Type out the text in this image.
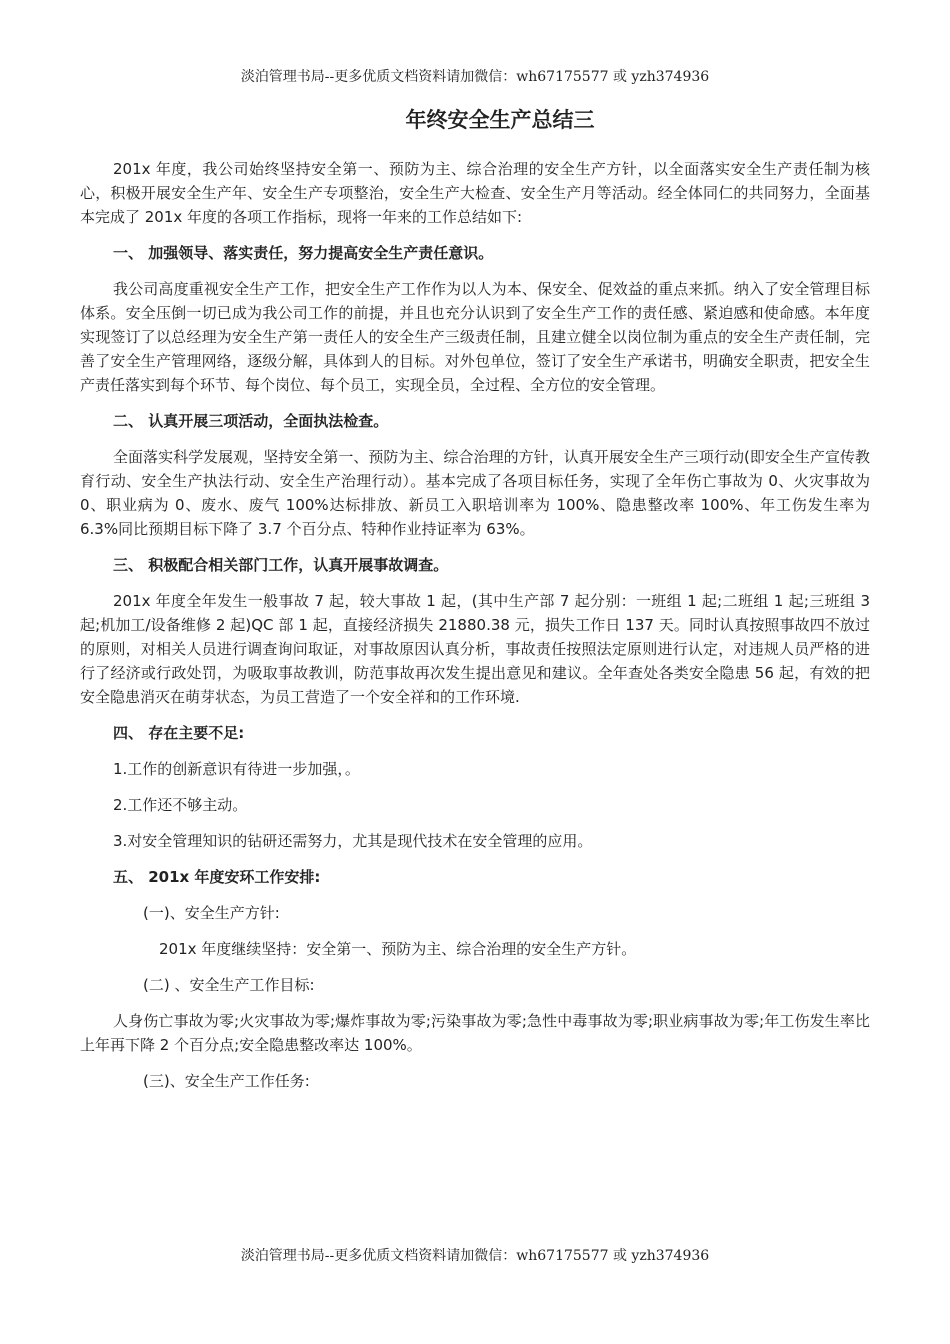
淡泊管理书局--更多优质文档资料请加微信：wh67175577 或 yzh374936
年终安全生产总结三

201x 年度，我公司始终坚持安全第一、预防为主、综合治理的安全生产方针，以全面落实安全生产责任制为核心，积极开展安全生产年、安全生产专项整治，安全生产大检查、安全生产月等活动。经全体同仁的共同努力，全面基本完成了 201x 年度的各项工作指标，现将一年来的工作总结如下:

一、 加强领导、落实责任，努力提高安全生产责任意识。

我公司高度重视安全生产工作，把安全生产工作作为以人为本、保安全、促效益的重点来抓。纳入了安全管理目标体系。安全压倒一切已成为我公司工作的前提，并且也充分认识到了安全生产工作的责任感、紧迫感和使命感。本年度实现签订了以总经理为安全生产第一责任人的安全生产三级责任制，且建立健全以岗位制为重点的安全生产责任制，完善了安全生产管理网络，逐级分解，具体到人的目标。对外包单位，签订了安全生产承诺书，明确安全职责，把安全生产责任落实到每个环节、每个岗位、每个员工，实现全员，全过程、全方位的安全管理。

二、 认真开展三项活动，全面执法检查。

全面落实科学发展观，坚持安全第一、预防为主、综合治理的方针，认真开展安全生产三项行动(即安全生产宣传教育行动、安全生产执法行动、安全生产治理行动）。基本完成了各项目标任务，实现了全年伤亡事故为 0、火灾事故为 0、职业病为 0、废水、废气 100%达标排放、新员工入职培训率为 100%、隐患整改率 100%、年工伤发生率为 6.3%同比预期目标下降了 3.7 个百分点、特种作业持证率为 63%。

三、 积极配合相关部门工作，认真开展事故调查。

201x 年度全年发生一般事故 7 起，较大事故 1 起，(其中生产部 7 起分别：一班组 1 起;二班组 1 起;三班组 3 起;机加工/设备维修 2 起)QC 部 1 起，直接经济损失 21880.38 元，损失工作日 137 天。同时认真按照事故四不放过的原则，对相关人员进行调查询问取证，对事故原因认真分析，事故责任按照法定原则进行认定，对违规人员严格的进行了经济或行政处罚，为吸取事故教训，防范事故再次发生提出意见和建议。全年查处各类安全隐患 56 起，有效的把安全隐患消灭在萌芽状态，为员工营造了一个安全祥和的工作环境.

四、 存在主要不足:

1.工作的创新意识有待进一步加强，。

2.工作还不够主动。

3.对安全管理知识的钻研还需努力，尤其是现代技术在安全管理的应用。

五、 201x 年度安环工作安排:

(一)、安全生产方针:

201x 年度继续坚持：安全第一、预防为主、综合治理的安全生产方针。

(二) 、安全生产工作目标:

人身伤亡事故为零;火灾事故为零;爆炸事故为零;污染事故为零;急性中毒事故为零;职业病事故为零;年工伤发生率比上年再下降 2 个百分点;安全隐患整改率达 100%。

(三)、安全生产工作任务:

淡泊管理书局--更多优质文档资料请加微信：wh67175577 或 yzh374936
